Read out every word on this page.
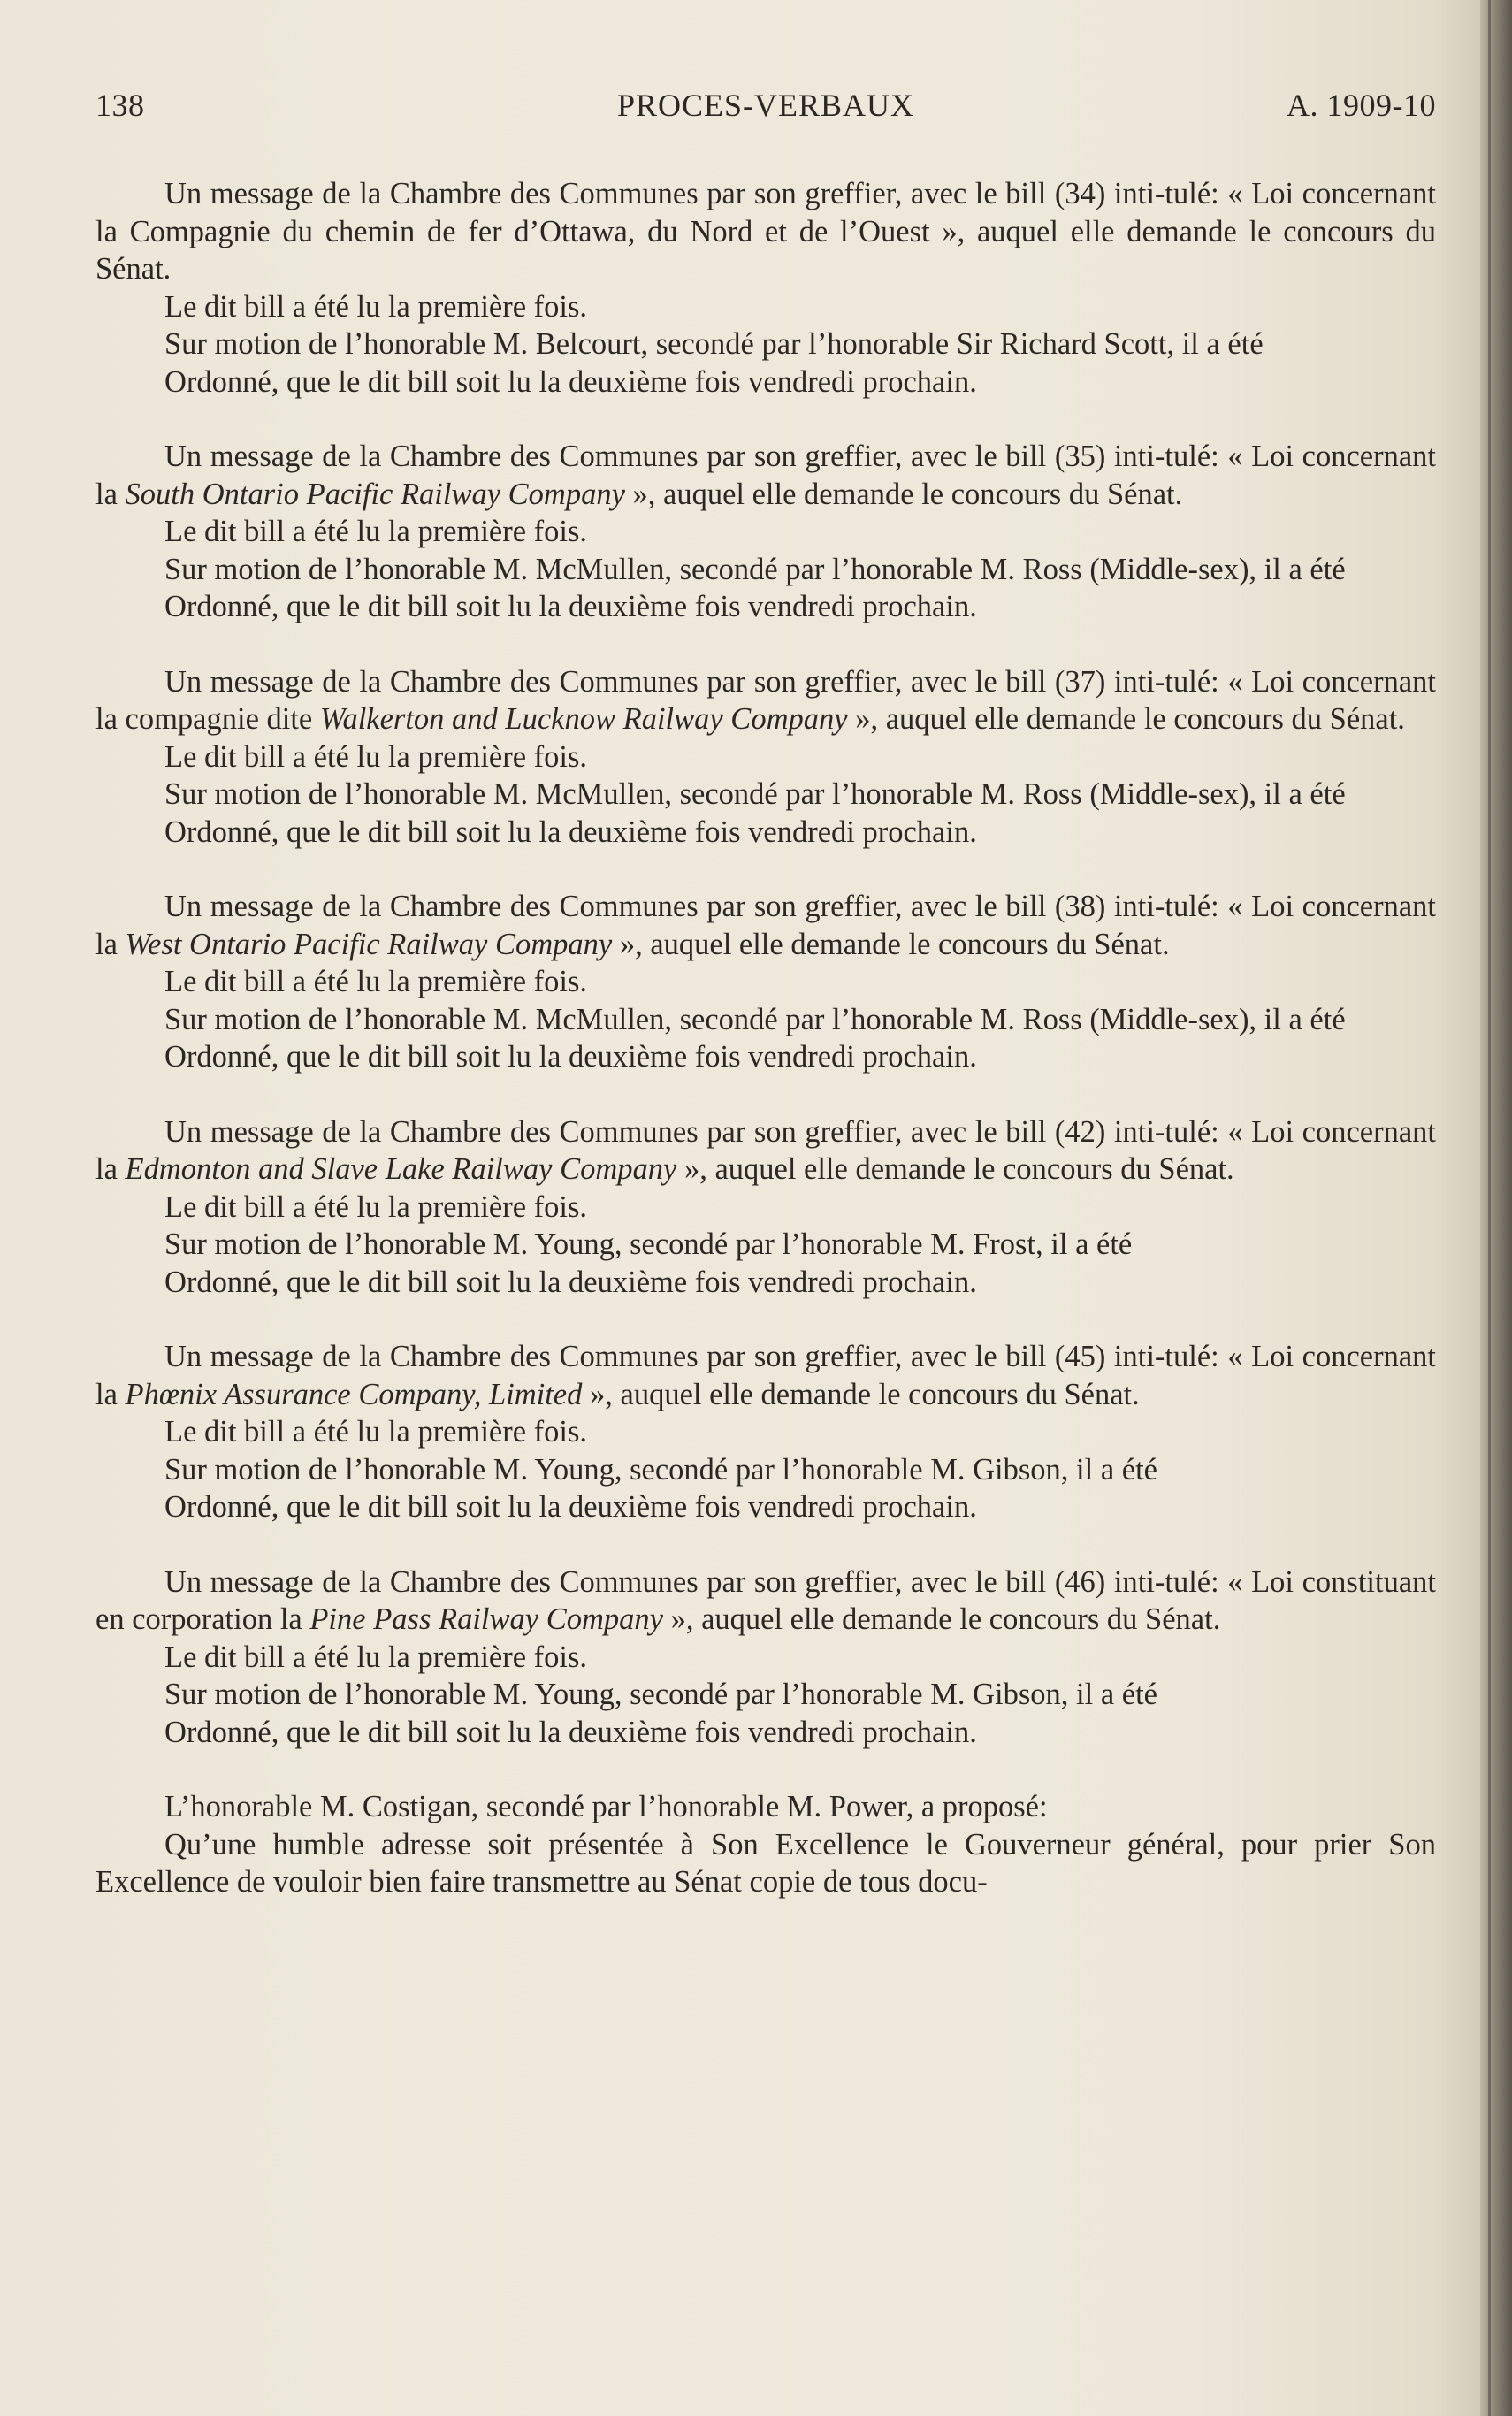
138	PROCES-VERBAUX	A. 1909-10

Un message de la Chambre des Communes par son greffier, avec le bill (34) inti-tulé: « Loi concernant la Compagnie du chemin de fer d’Ottawa, du Nord et de l’Ouest », auquel elle demande le concours du Sénat.

Le dit bill a été lu la première fois.

Sur motion de l’honorable M. Belcourt, secondé par l’honorable Sir Richard Scott, il a été

Ordonné, que le dit bill soit lu la deuxième fois vendredi prochain.

Un message de la Chambre des Communes par son greffier, avec le bill (35) inti-tulé: « Loi concernant la South Ontario Pacific Railway Company », auquel elle demande le concours du Sénat.

Le dit bill a été lu la première fois.

Sur motion de l’honorable M. McMullen, secondé par l’honorable M. Ross (Middle-sex), il a été

Ordonné, que le dit bill soit lu la deuxième fois vendredi prochain.

Un message de la Chambre des Communes par son greffier, avec le bill (37) inti-tulé: « Loi concernant la compagnie dite Walkerton and Lucknow Railway Company », auquel elle demande le concours du Sénat.

Le dit bill a été lu la première fois.

Sur motion de l’honorable M. McMullen, secondé par l’honorable M. Ross (Middle-sex), il a été

Ordonné, que le dit bill soit lu la deuxième fois vendredi prochain.

Un message de la Chambre des Communes par son greffier, avec le bill (38) inti-tulé: « Loi concernant la West Ontario Pacific Railway Company », auquel elle demande le concours du Sénat.

Le dit bill a été lu la première fois.

Sur motion de l’honorable M. McMullen, secondé par l’honorable M. Ross (Middle-sex), il a été

Ordonné, que le dit bill soit lu la deuxième fois vendredi prochain.

Un message de la Chambre des Communes par son greffier, avec le bill (42) inti-tulé: « Loi concernant la Edmonton and Slave Lake Railway Company », auquel elle demande le concours du Sénat.

Le dit bill a été lu la première fois.

Sur motion de l’honorable M. Young, secondé par l’honorable M. Frost, il a été

Ordonné, que le dit bill soit lu la deuxième fois vendredi prochain.

Un message de la Chambre des Communes par son greffier, avec le bill (45) inti-tulé: « Loi concernant la Phœnix Assurance Company, Limited », auquel elle demande le concours du Sénat.

Le dit bill a été lu la première fois.

Sur motion de l’honorable M. Young, secondé par l’honorable M. Gibson, il a été

Ordonné, que le dit bill soit lu la deuxième fois vendredi prochain.

Un message de la Chambre des Communes par son greffier, avec le bill (46) inti-tulé: « Loi constituant en corporation la Pine Pass Railway Company », auquel elle demande le concours du Sénat.

Le dit bill a été lu la première fois.

Sur motion de l’honorable M. Young, secondé par l’honorable M. Gibson, il a été

Ordonné, que le dit bill soit lu la deuxième fois vendredi prochain.

L’honorable M. Costigan, secondé par l’honorable M. Power, a proposé:

Qu’une humble adresse soit présentée à Son Excellence le Gouverneur général, pour prier Son Excellence de vouloir bien faire transmettre au Sénat copie de tous docu-
